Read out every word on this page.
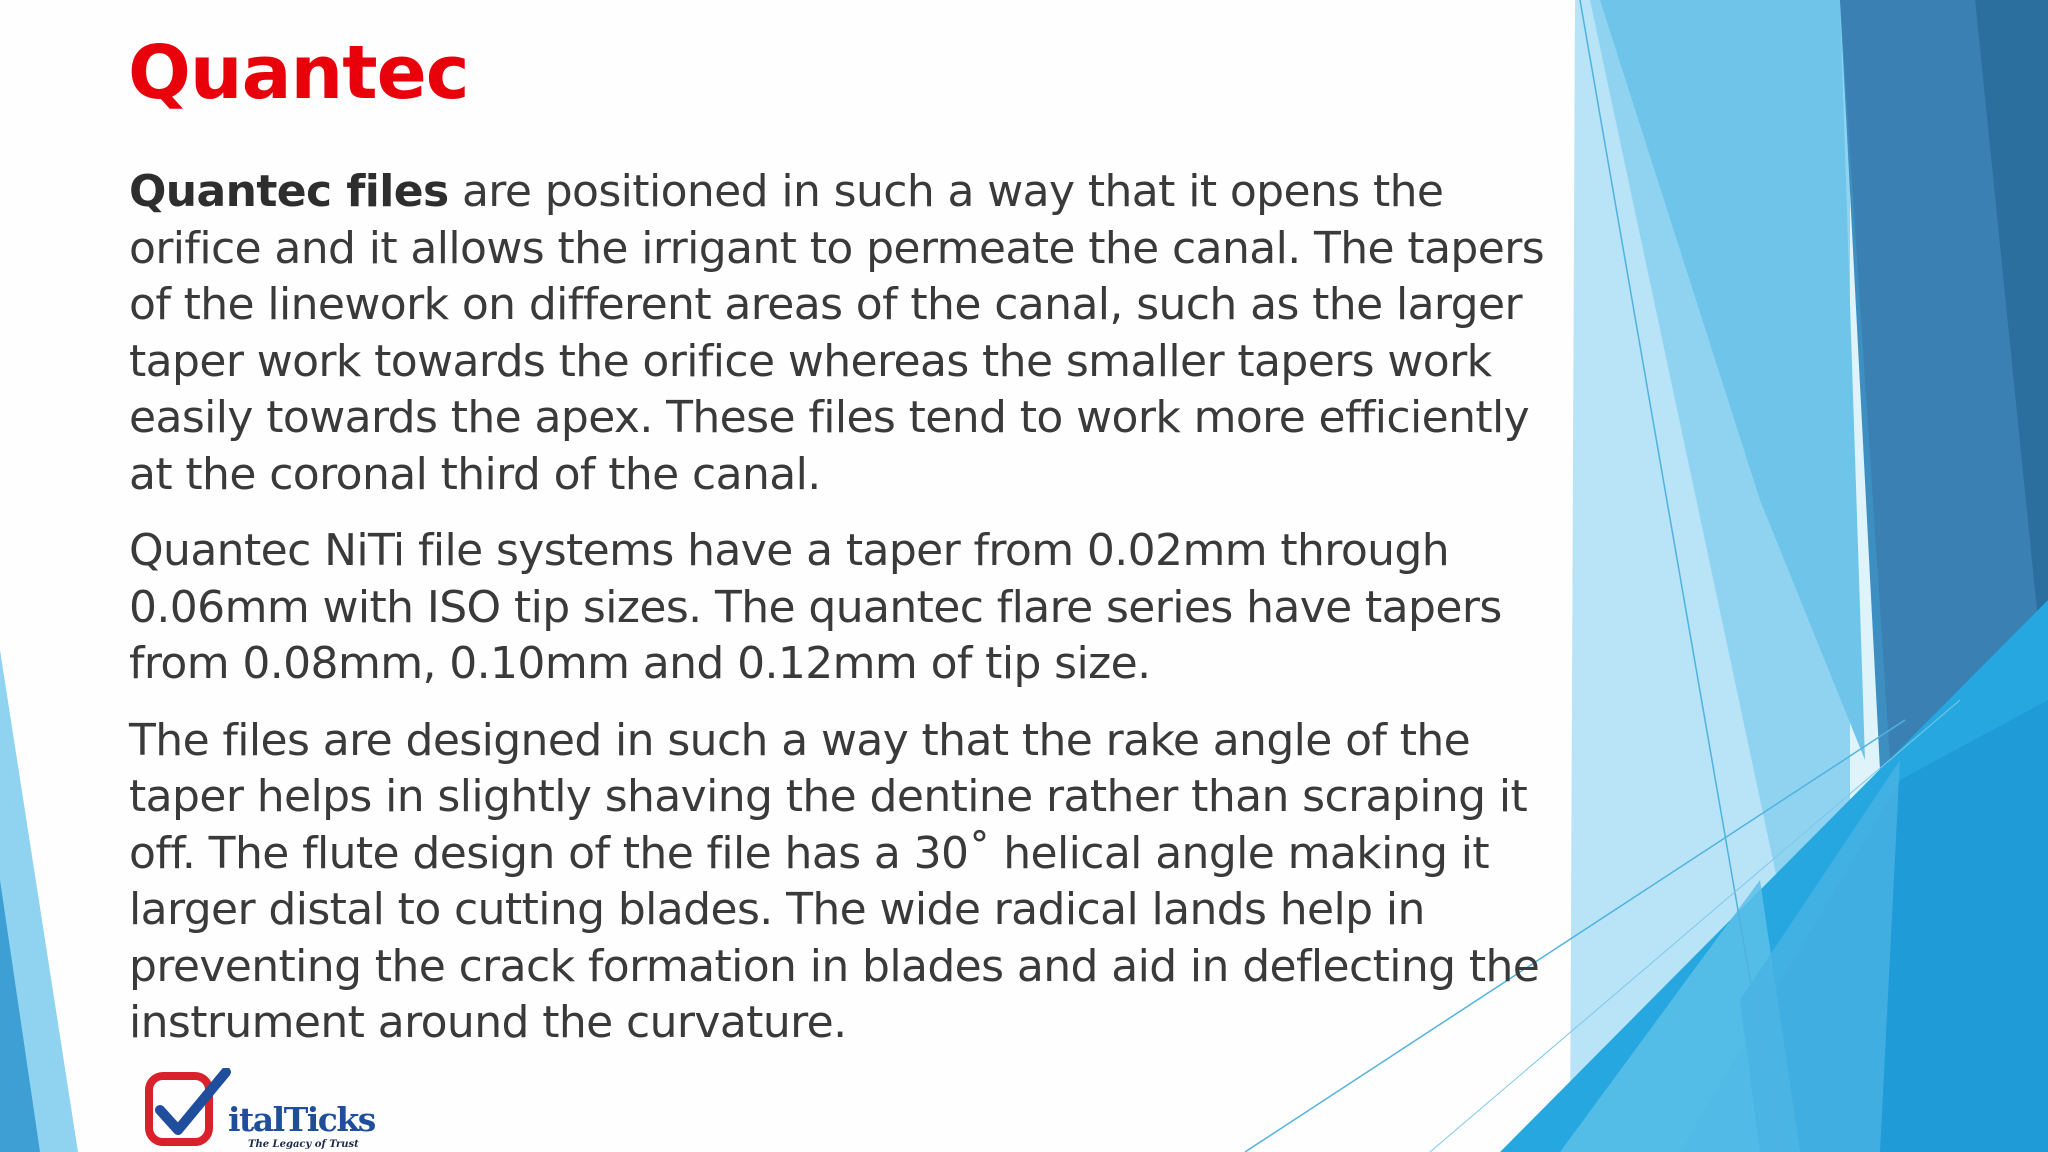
Quantec

Quantec files are positioned in such a way that it opens the orifice and it allows the irrigant to permeate the canal. The tapers of the linework on different areas of the canal, such as the larger taper work towards the orifice whereas the smaller tapers work easily towards the apex. These files tend to work more efficiently at the coronal third of the canal.

Quantec NiTi file systems have a taper from 0.02mm through 0.06mm with ISO tip sizes. The quantec flare series have tapers from 0.08mm, 0.10mm and 0.12mm of tip size.

The files are designed in such a way that the rake angle of the taper helps in slightly shaving the dentine rather than scraping it off. The flute design of the file has a 30˚ helical angle making it larger distal to cutting blades. The wide radical lands help in preventing the crack formation in blades and aid in deflecting the instrument around the curvature.

italTicks
The Legacy of Trust
